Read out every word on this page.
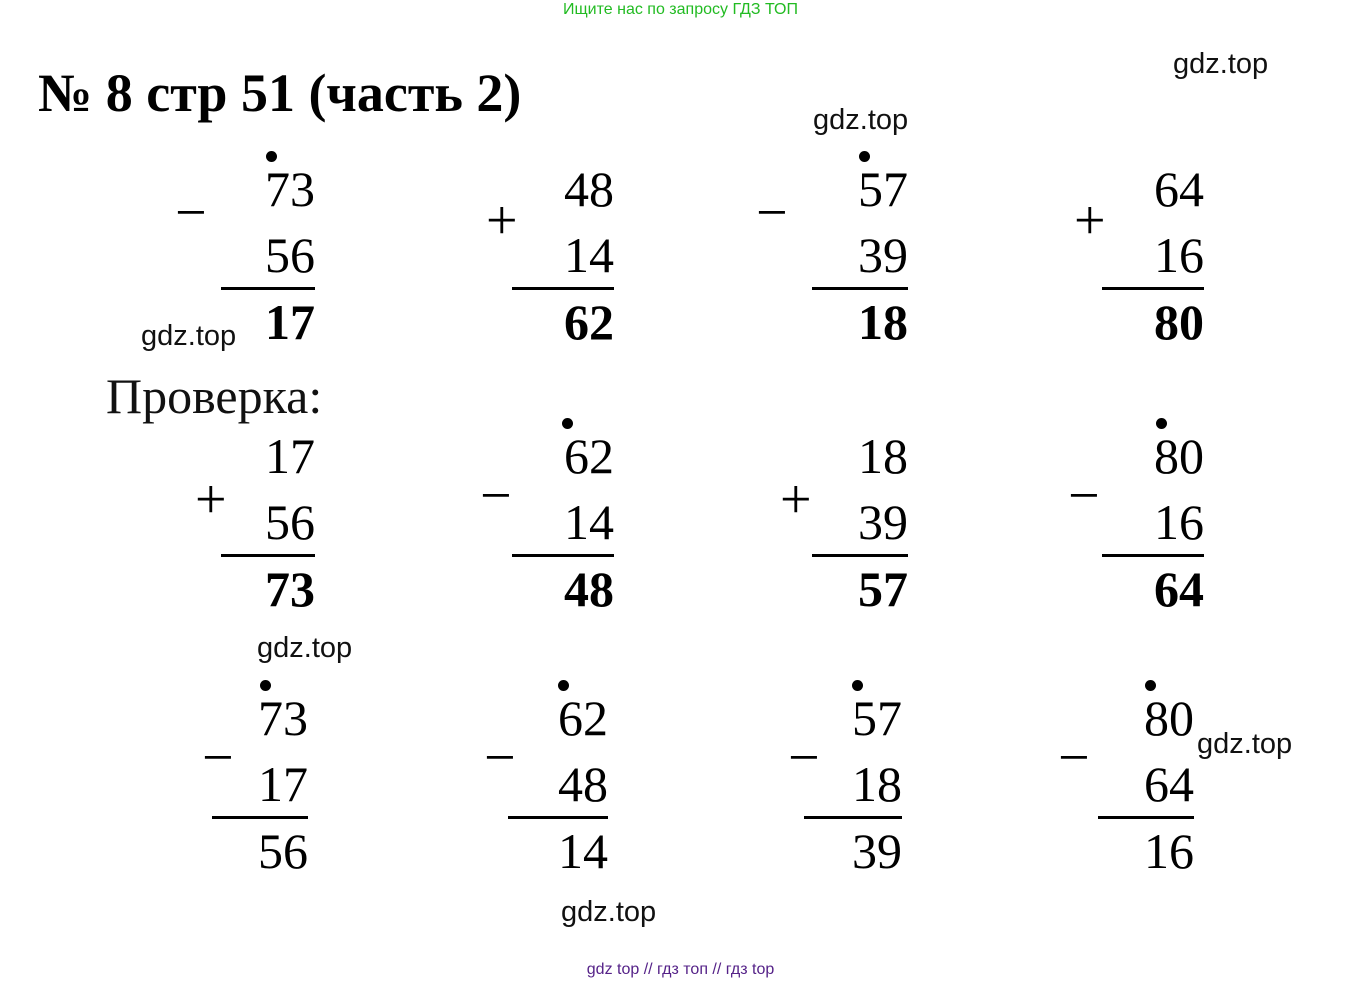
Ищите нас по запросу ГДЗ ТОП
№ 8 стр 51 (часть 2)	gdz.top
gdz.top
gdz.top
gdz.top
gdz.top
gdz.top
Проверка:
− 73
56
17
+
48
14
62
− 57
39
18
+
64
16
80
+
17
56
73
−
62
14
48
+
18
39
57
−
80
16
64
−
73
17
56
−
62
48
14
−
57
18
39
−
80
64
16
gdz top // гдз топ // гдз top
